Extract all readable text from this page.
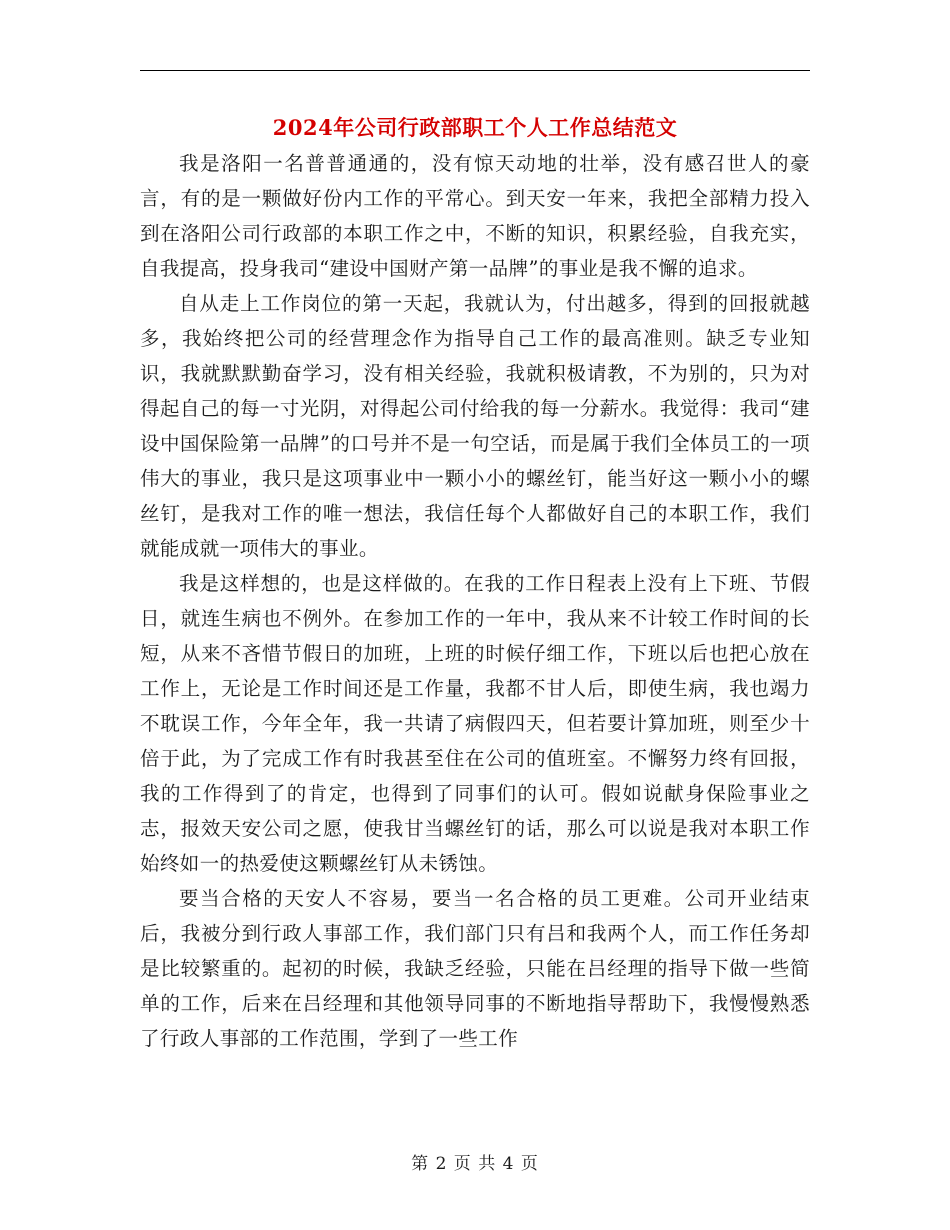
2024年公司行政部职工个人工作总结范文

我是洛阳一名普普通通的，没有惊天动地的壮举，没有感召世人的豪言，有的是一颗做好份内工作的平常心。到天安一年来，我把全部精力投入到在洛阳公司行政部的本职工作之中，不断的知识，积累经验，自我充实，自我提高，投身我司“建设中国财产第一品牌”的事业是我不懈的追求。

自从走上工作岗位的第一天起，我就认为，付出越多，得到的回报就越多，我始终把公司的经营理念作为指导自己工作的最高准则。缺乏专业知识，我就默默勤奋学习，没有相关经验，我就积极请教，不为别的，只为对得起自己的每一寸光阴，对得起公司付给我的每一分薪水。我觉得：我司“建设中国保险第一品牌”的口号并不是一句空话，而是属于我们全体员工的一项伟大的事业，我只是这项事业中一颗小小的螺丝钉，能当好这一颗小小的螺丝钉，是我对工作的唯一想法，我信任每个人都做好自己的本职工作，我们就能成就一项伟大的事业。

我是这样想的，也是这样做的。在我的工作日程表上没有上下班、节假日，就连生病也不例外。在参加工作的一年中，我从来不计较工作时间的长短，从来不吝惜节假日的加班，上班的时候仔细工作，下班以后也把心放在工作上，无论是工作时间还是工作量，我都不甘人后，即使生病，我也竭力不耽误工作，今年全年，我一共请了病假四天，但若要计算加班，则至少十倍于此，为了完成工作有时我甚至住在公司的值班室。不懈努力终有回报，我的工作得到了的肯定，也得到了同事们的认可。假如说献身保险事业之志，报效天安公司之愿，使我甘当螺丝钉的话，那么可以说是我对本职工作始终如一的热爱使这颗螺丝钉从未锈蚀。

要当合格的天安人不容易，要当一名合格的员工更难。公司开业结束后，我被分到行政人事部工作，我们部门只有吕和我两个人，而工作任务却是比较繁重的。起初的时候，我缺乏经验，只能在吕经理的指导下做一些简单的工作，后来在吕经理和其他领导同事的不断地指导帮助下，我慢慢熟悉了行政人事部的工作范围，学到了一些工作

第 2 页 共 4 页
